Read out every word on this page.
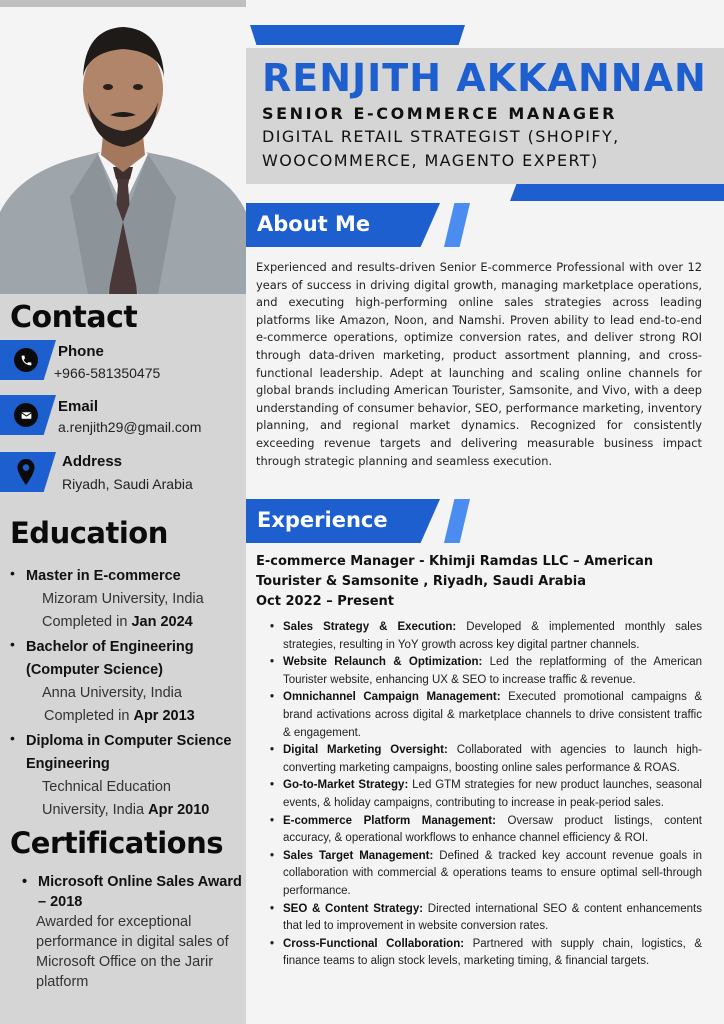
Contact
Phone
+966-581350475
Email
a.renjith29@gmail.com
Address
Riyadh, Saudi Arabia
Education
• Master in E-commerce
Mizoram University, India
Completed in Jan 2024
• Bachelor of Engineering (Computer Science)
Anna University, India
Completed in Apr 2013
• Diploma in Computer Science Engineering
Technical Education University, India Apr 2010
Certifications
• Microsoft Online Sales Award – 2018
Awarded for exceptional performance in digital sales of Microsoft Office on the Jarir platform
RENJITH AKKANNAN
SENIOR E-COMMERCE MANAGER
DIGITAL RETAIL STRATEGIST (SHOPIFY,
WOOCOMMERCE, MAGENTO EXPERT)
About Me
Experienced and results-driven Senior E-commerce Professional with over 12 years of success in driving digital growth, managing marketplace operations, and executing high-performing online sales strategies across leading platforms like Amazon, Noon, and Namshi. Proven ability to lead end-to-end e-commerce operations, optimize conversion rates, and deliver strong ROI through data-driven marketing, product assortment planning, and cross-functional leadership. Adept at launching and scaling online channels for global brands including American Tourister, Samsonite, and Vivo, with a deep understanding of consumer behavior, SEO, performance marketing, inventory planning, and regional market dynamics. Recognized for consistently exceeding revenue targets and delivering measurable business impact through strategic planning and seamless execution.
Experience
E-commerce Manager - Khimji Ramdas LLC – American Tourister & Samsonite , Riyadh, Saudi Arabia
Oct 2022 – Present
• Sales Strategy & Execution: Developed & implemented monthly sales strategies, resulting in YoY growth across key digital partner channels.
• Website Relaunch & Optimization: Led the replatforming of the American Tourister website, enhancing UX & SEO to increase traffic & revenue.
• Omnichannel Campaign Management: Executed promotional campaigns & brand activations across digital & marketplace channels to drive consistent traffic & engagement.
• Digital Marketing Oversight: Collaborated with agencies to launch high-converting marketing campaigns, boosting online sales performance & ROAS.
• Go-to-Market Strategy: Led GTM strategies for new product launches, seasonal events, & holiday campaigns, contributing to increase in peak-period sales.
• E-commerce Platform Management: Oversaw product listings, content accuracy, & operational workflows to enhance channel efficiency & ROI.
• Sales Target Management: Defined & tracked key account revenue goals in collaboration with commercial & operations teams to ensure optimal sell-through performance.
• SEO & Content Strategy: Directed international SEO & content enhancements that led to improvement in website conversion rates.
• Cross-Functional Collaboration: Partnered with supply chain, logistics, & finance teams to align stock levels, marketing timing, & financial targets.
